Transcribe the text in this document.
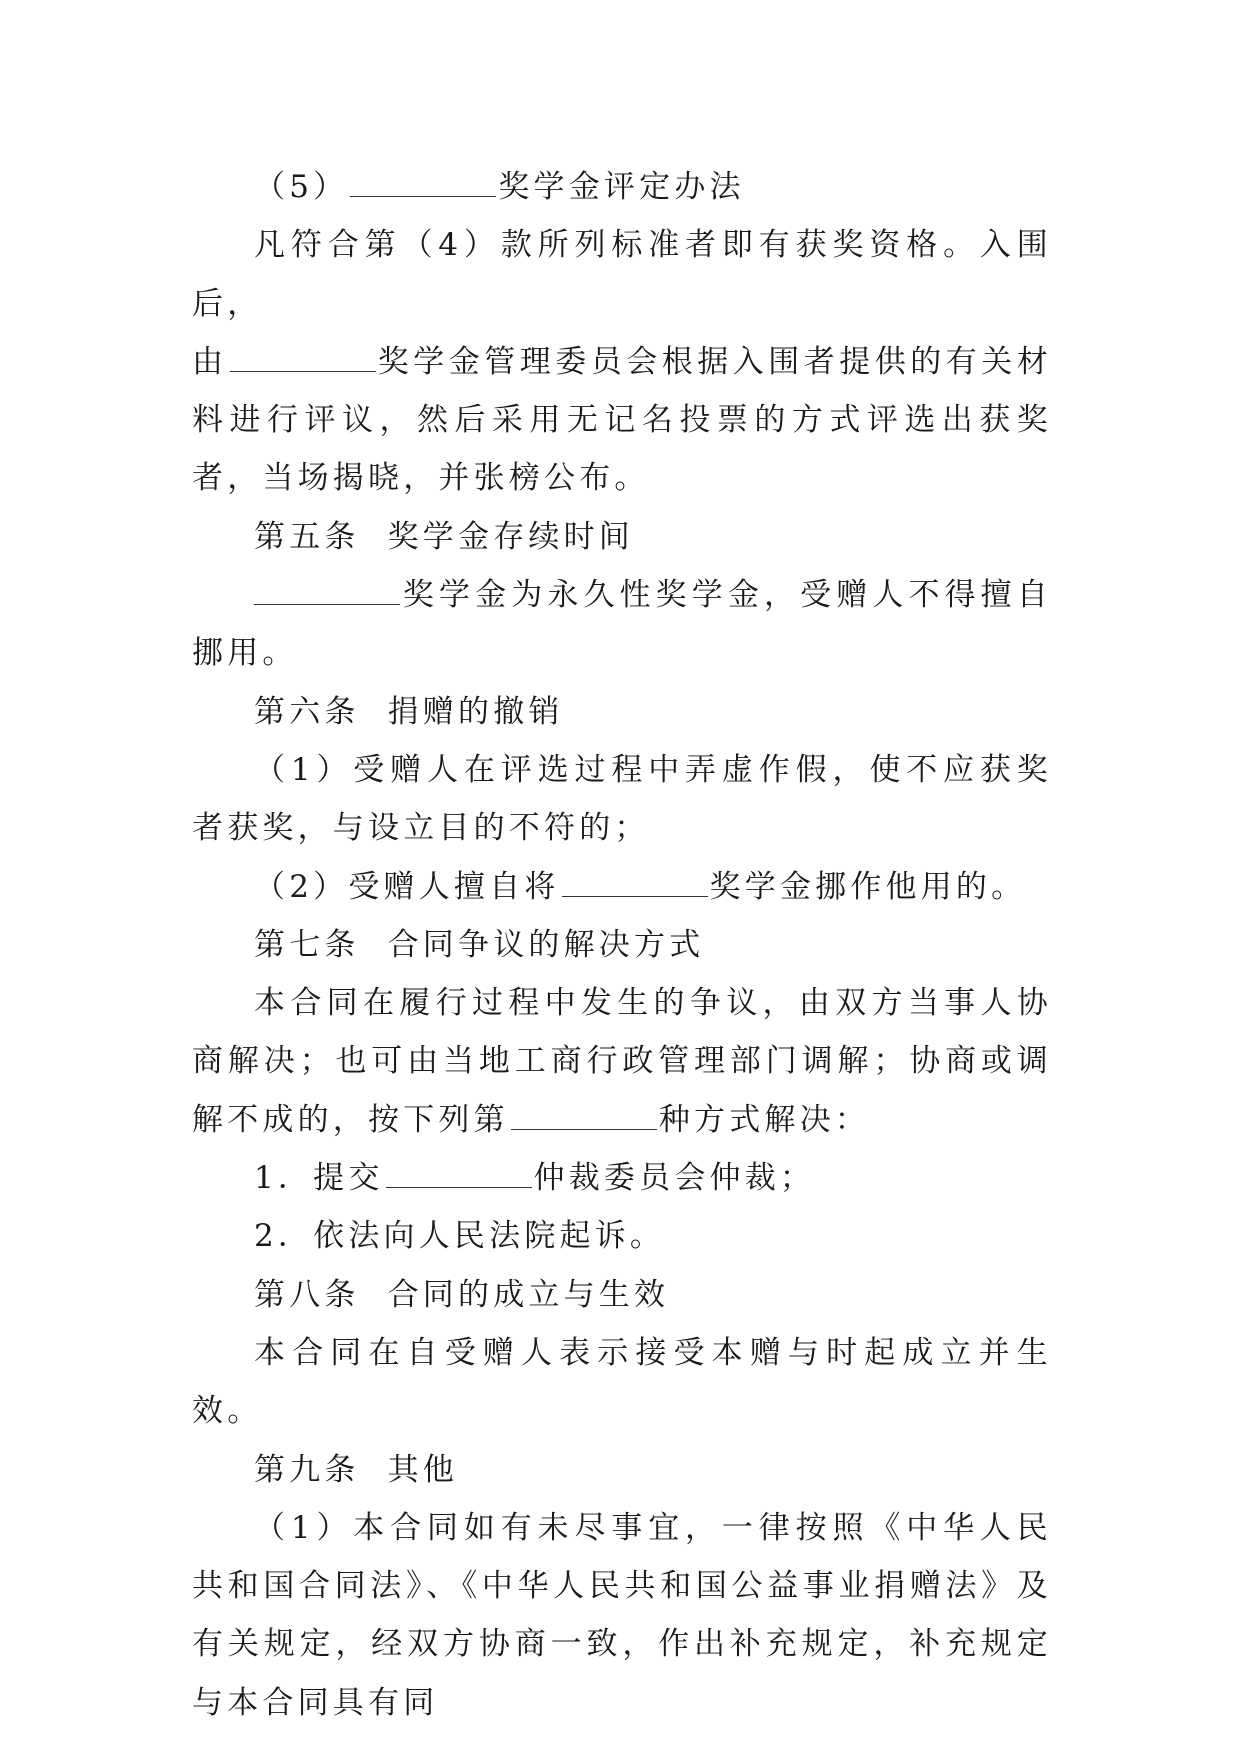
（5）	奖学金评定办法

凡符合第（4）款所列标准者即有获奖资格。入围后，

由	奖学金管理委员会根据入围者提供的有关材料进行评议，然后采用无记名投票的方式评选出获奖者，当场揭晓，并张榜公布。

第五条 奖学金存续时间

奖学金为永久性奖学金，受赠人不得擅自挪用。

第六条 捐赠的撤销

（1）受赠人在评选过程中弄虚作假，使不应获奖者获奖，与设立目的不符的；

（2）受赠人擅自将	奖学金挪作他用的。

第七条 合同争议的解决方式

本合同在履行过程中发生的争议，由双方当事人协商解决；也可由当地工商行政管理部门调解；协商或调解不成的，按下列第	种方式解决：

1．提交	仲裁委员会仲裁；

2．依法向人民法院起诉。

第八条 合同的成立与生效

本合同在自受赠人表示接受本赠与时起成立并生效。

第九条 其他

（1）本合同如有未尽事宜，一律按照《中华人民共和国合同法》、《中华人民共和国公益事业捐赠法》及有关规定，经双方协商一致，作出补充规定，补充规定与本合同具有同
